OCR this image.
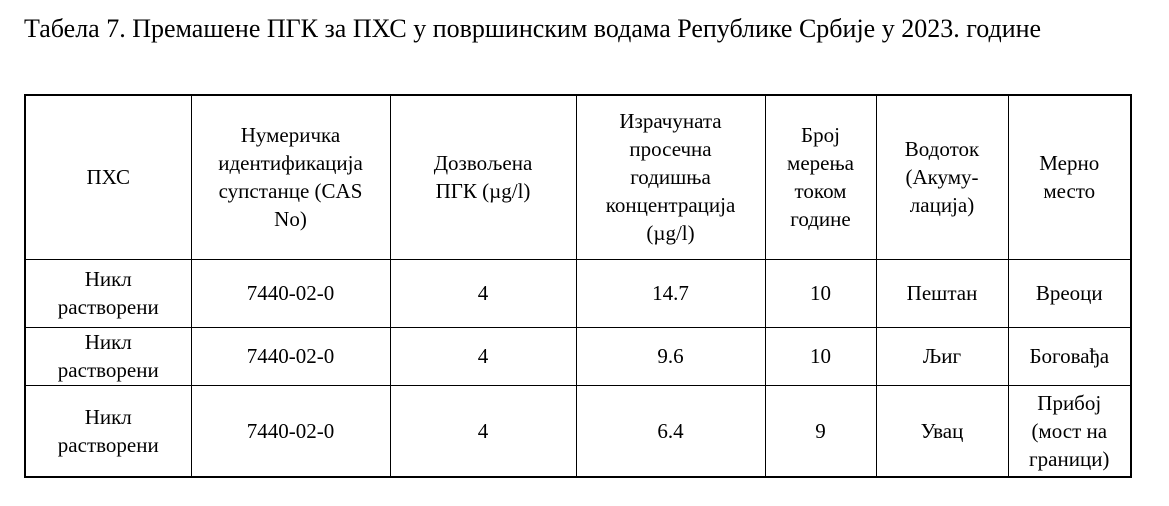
Табела 7. Премашене ПГК за ПХС у површинским водама Републике Србије у 2023. године
ПХС	Нумеричка идентификација супстанце (CAS No)	Дозвољена ПГК (µg/l)	Израчуната просечна годишња концентрација (µg/l)	Број мерења током године	Водоток (Акуму-лација)	Мерно место
Никл растворени	7440-02-0	4	14.7	10	Пештан	Вреоци
Никл растворени	7440-02-0	4	9.6	10	Љиг	Боговађа
Никл растворени	7440-02-0	4	6.4	9	Увац	Прибој (мост на граници)
